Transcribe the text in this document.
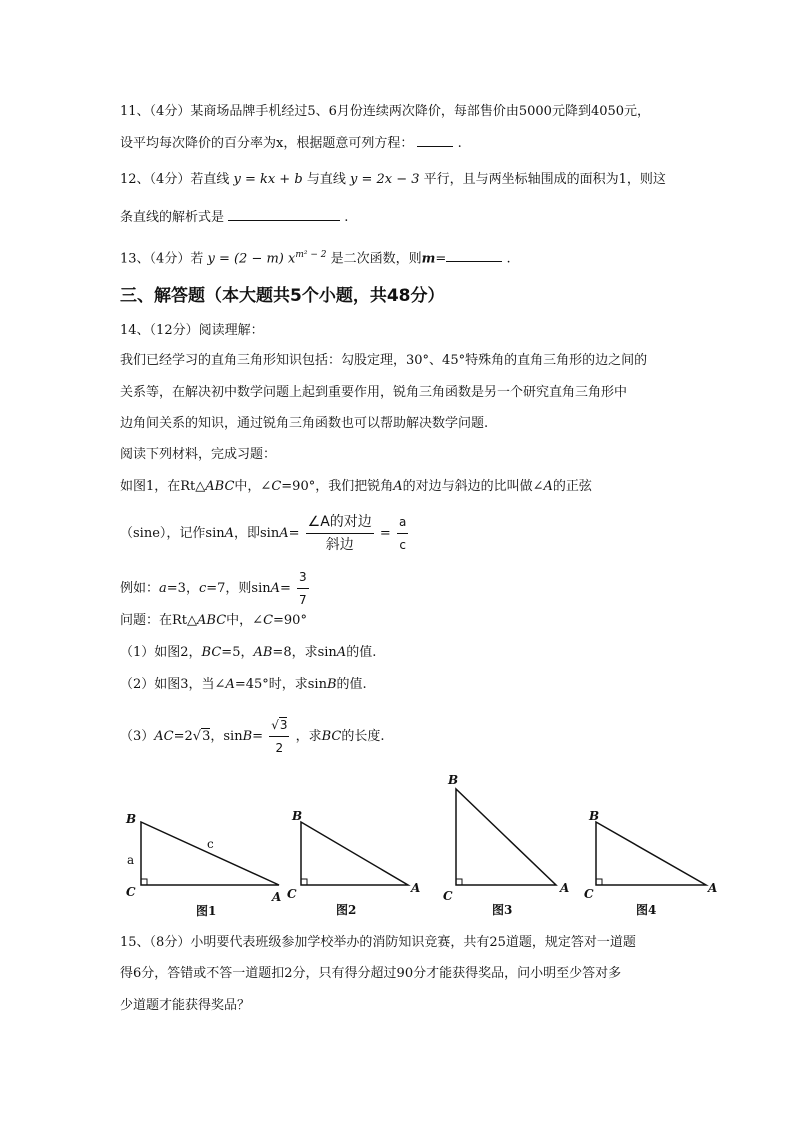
11、（4分）某商场品牌手机经过5、6月份连续两次降价，每部售价由5000元降到4050元，
设平均每次降价的百分率为x，根据题意可列方程：	.
12、（4分）若直线 y = kx + b 与直线 y = 2x − 3 平行，且与两坐标轴围成的面积为1，则这
条直线的解析式是	.
13、（4分）若 y = (2 − m) $x^{m^2 - 2}$ 是二次函数，则m=	.
三、解答题（本大题共5个小题，共48分）
14、（12分）阅读理解：
我们已经学习的直角三角形知识包括：勾股定理，30°、45°特殊角的直角三角形的边之间的
关系等，在解决初中数学问题上起到重要作用，锐角三角函数是另一个研究直角三角形中
边角间关系的知识，通过锐角三角函数也可以帮助解决数学问题.
阅读下列材料，完成习题：
如图1，在Rt△ABC中，∠C=90°，我们把锐角A的对边与斜边的比叫做∠A的正弦
（sine），记作sinA，即$\sin A= \frac{\text{∠A的对边}}{\text{斜边}} = \frac{a}{c}$
例如：a=3，c=7，则$\sin A= \frac{3}{7}$
问题：在Rt△ABC中，∠C=90°
（1）如图2，BC=5，AB=8，求sinA的值.
（2）如图3，当∠A=45°时，求sinB的值.
（3）AC=2√3，$\sin B= \frac{√3}{2}$ ，求BC的长度.
B
C	A
B
C	A
B
C
A
B
C	A
a
c
图1	图2	图3	图4
15、（8分）小明要代表班级参加学校举办的消防知识竞赛，共有25道题，规定答对一道题
得6分，答错或不答一道题扣2分，只有得分超过90分才能获得奖品，问小明至少答对多
少道题才能获得奖品？
